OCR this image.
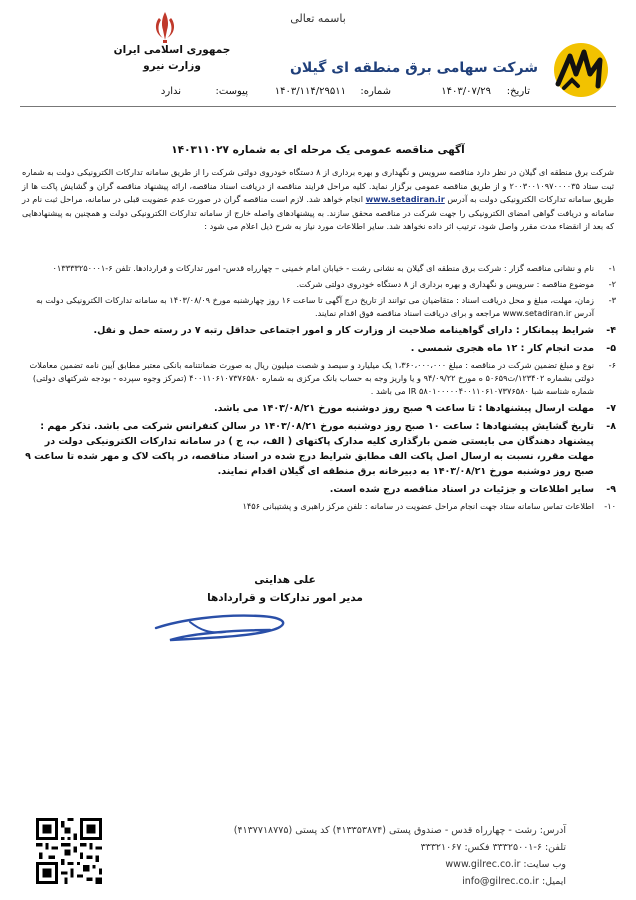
باسمه تعالی
جمهوری اسلامی ایران
وزارت نیرو	شرکت سهامی برق منطقه ای گیلان
تاریخ:
۱۴۰۳/۰۷/۲۹
شماره:
۱۴۰۳/۱۱۴/۲۹۵۱۱
پیوست:
ندارد
آگهی مناقصه عمومی یک مرحله ای به شماره ۱۴۰۳۱۱۰۲۷
شرکت برق منطقه ای گیلان در نظر دارد مناقصه سرویس و نگهداری و بهره برداری از ۸ دستگاه خودروی دولتی شرکت را از طریق سامانه تدارکات الکترونیکی دولت به شماره ثبت ستاد ۲۰۰۳۰۰۱۰۹۷۰۰۰۰۳۵ و از طریق مناقصه عمومی برگزار نماید. کلیه مراحل فرایند مناقصه از دریافت اسناد مناقصه، ارائه پیشنهاد مناقصه گران و گشایش پاکت ها از طریق سامانه تدارکات الکترونیکی دولت به آدرس www.setadiran.ir انجام خواهد شد. لازم است مناقصه گران در صورت عدم عضویت قبلی در سامانه، مراحل ثبت نام در سامانه و دریافت گواهی امضای الکترونیکی را جهت شرکت در مناقصه محقق سازند. به پیشنهادهای واصله خارج از سامانه تدارکات الکترونیکی دولت و همچنین به پیشنهادهایی که بعد از انقضاء مدت مقرر واصل شود، ترتیب اثر داده نخواهد شد. سایر اطلاعات مورد نیاز به شرح ذیل اعلام می شود :
۱-
نام و نشانی مناقصه گزار : شرکت برق منطقه ای گیلان به نشانی رشت - خیابان امام خمینی – چهارراه قدس- امور تدارکات و قراردادها. تلفن ۶-۰۱۳۳۳۳۲۵۰۰۰۱
۲-
موضوع مناقصه : سرویس و نگهداری و بهره برداری از ۸ دستگاه خودروی دولتی شرکت.
۳-
زمان، مهلت، مبلغ و محل دریافت اسناد : متقاضیان می توانند از تاریخ درج آگهی تا ساعت ۱۶ روز چهارشنبه مورخ ۱۴۰۳/۰۸/۰۹ به سامانه تدارکات الکترونیکی دولت به آدرس www.setadiran.ir مراجعه و برای دریافت اسناد مناقصه فوق اقدام نمایند.
۴-
شرایط پیمانکار : دارای گواهینامه صلاحیت از وزارت کار و امور اجتماعی حداقل رتبه ۷ در رسته حمل و نقل.
۵-
مدت انجام کار : ۱۲ ماه هجری شمسی .
۶-
نوع و مبلغ تضمین شرکت در مناقصه : مبلغ ۱،۳۶۰،۰۰۰،۰۰۰ یک میلیارد و سیصد و شصت میلیون ریال به صورت ضمانتنامه بانکی معتبر مطابق آیین نامه تضمین معاملات دولتی بشماره ۱۲۳۴۰۲/ت۵۰۶۵۹ ه مورخ ۹۴/۰۹/۲۲ و یا واریز وجه به حساب بانک مرکزی به شماره ۴۰۰۱۱۰۶۱۰۷۳۷۶۵۸۰ (تمرکز وجوه سپرده - بودجه شرکتهای دولتی) شماره شناسه شبا IR ۵۸۰۱۰۰۰۰۰۴۰۰۱۱۰۶۱۰۷۳۷۶۵۸۰ می باشد .
۷-
مهلت ارسال پیشنهادها : تا ساعت ۹ صبح روز دوشنبه مورخ ۱۴۰۳/۰۸/۲۱ می باشد.
۸-
تاریخ گشایش پیشنهادها : ساعت ۱۰ صبح روز دوشنبه مورخ ۱۴۰۳/۰۸/۲۱ در سالن کنفرانس شرکت می باشد. تذکر مهم : پیشنهاد دهندگان می بایستی ضمن بارگذاری کلیه مدارک پاکتهای ( الف، ب، ج ) در سامانه تدارکات الکترونیکی دولت در مهلت مقرر، نسبت به ارسال اصل پاکت الف مطابق شرایط درج شده در اسناد مناقصه، در پاکت لاک و مهر شده تا ساعت ۹ صبح روز دوشنبه مورخ ۱۴۰۳/۰۸/۲۱ به دبیرخانه برق منطقه ای گیلان اقدام نمایند.
۹-
سایر اطلاعات و جزئیات در اسناد مناقصه درج شده است.
۱۰-
اطلاعات تماس سامانه ستاد جهت انجام مراحل عضویت در سامانه : تلفن مرکز راهبری و پشتیبانی ۱۴۵۶
علی هدایتی
مدیر امور تدارکات و قراردادها
آدرس: رشت - چهارراه قدس - صندوق پستی (۴۱۳۳۵۳۸۷۴) کد پستی (۴۱۳۷۷۱۸۷۷۵)
تلفن: ۶-۳۳۳۲۵۰۰۱ فکس: ۳۳۳۲۱۰۶۷
وب سایت: www.gilrec.co.ir
ایمیل: info@gilrec.co.ir
